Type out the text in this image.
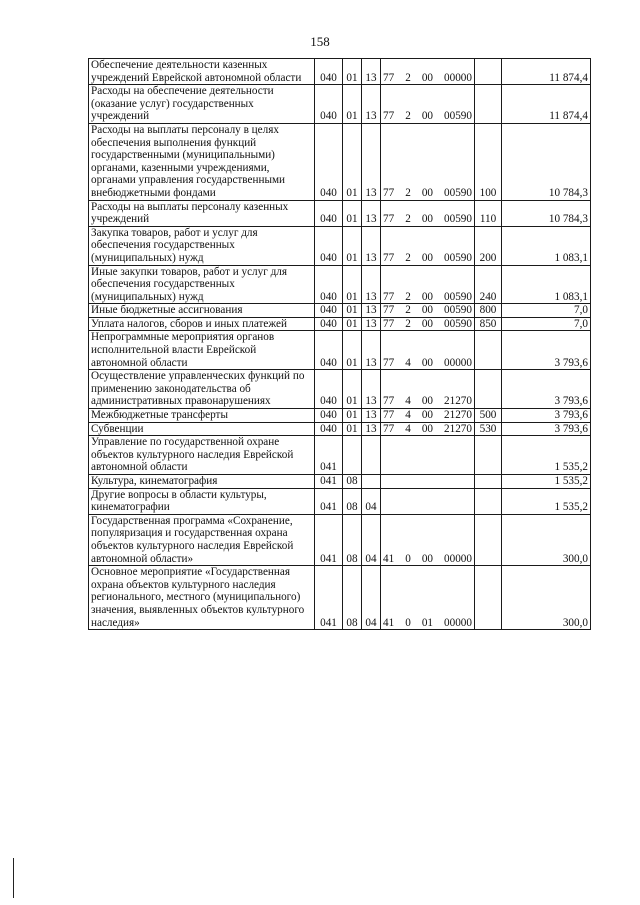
158
Обеспечение деятельности казенных учреждений Еврейской автономной области	040	01	13	77 2 00 00000		11 874,4
Расходы на обеспечение деятельности (оказание услуг) государственных учреждений	040	01	13	77 2 00 00590		11 874,4
Расходы на выплаты персоналу в целях обеспечения выполнения функций государственными (муниципальными) органами, казенными учреждениями, органами управления государственными внебюджетными фондами	040	01	13	77 2 00 00590	100	10 784,3
Расходы на выплаты персоналу казенных учреждений	040	01	13	77 2 00 00590	110	10 784,3
Закупка товаров, работ и услуг для обеспечения государственных (муниципальных) нужд	040	01	13	77 2 00 00590	200	1 083,1
Иные закупки товаров, работ и услуг для обеспечения государственных (муниципальных) нужд	040	01	13	77 2 00 00590	240	1 083,1
Иные бюджетные ассигнования	040	01	13	77 2 00 00590	800	7,0
Уплата налогов, сборов и иных платежей	040	01	13	77 2 00 00590	850	7,0
Непрограммные мероприятия органов исполнительной власти Еврейской автономной области	040	01	13	77 4 00 00000		3 793,6
Осуществление управленческих функций по применению законодательства об административных правонарушениях	040	01	13	77 4 00 21270		3 793,6
Межбюджетные трансферты	040	01	13	77 4 00 21270	500	3 793,6
Субвенции	040	01	13	77 4 00 21270	530	3 793,6
Управление по государственной охране объектов культурного наследия Еврейской автономной области	041					1 535,2
Культура, кинематография	041	08				1 535,2
Другие вопросы в области культуры, кинематографии	041	08	04			1 535,2
Государственная программа «Сохранение, популяризация и государственная охрана объектов культурного наследия Еврейской автономной области»	041	08	04	41 0 00 00000		300,0
Основное мероприятие «Государственная охрана объектов культурного наследия регионального, местного (муниципального) значения, выявленных объектов культурного наследия»	041	08	04	41 0 01 00000		300,0
